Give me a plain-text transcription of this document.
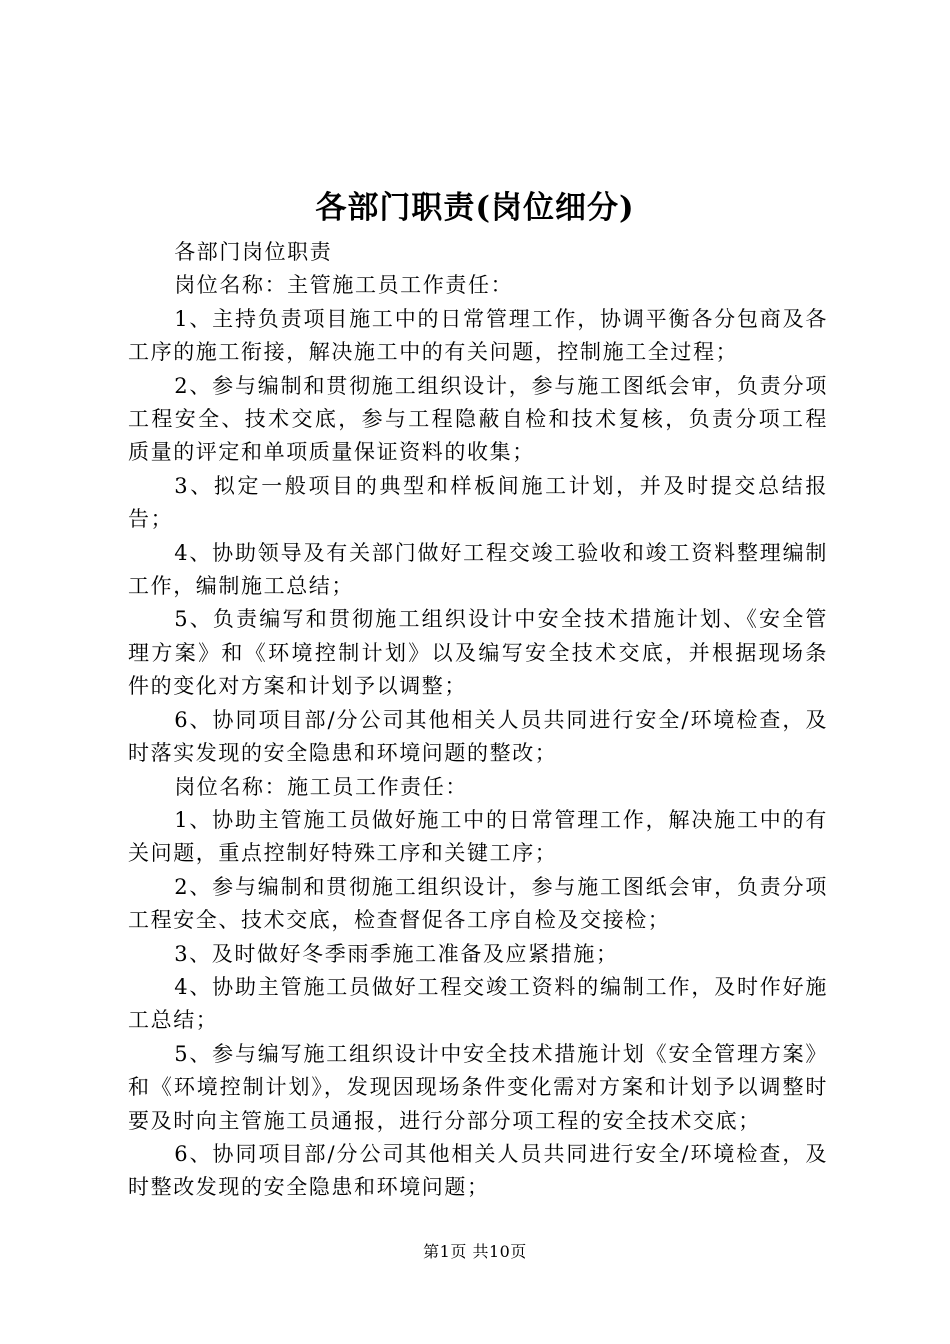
各部门职责(岗位细分)

各部门岗位职责

岗位名称：主管施工员工作责任：

1、主持负责项目施工中的日常管理工作，协调平衡各分包商及各工序的施工衔接，解决施工中的有关问题，控制施工全过程；

2、参与编制和贯彻施工组织设计，参与施工图纸会审，负责分项工程安全、技术交底，参与工程隐蔽自检和技术复核，负责分项工程质量的评定和单项质量保证资料的收集；

3、拟定一般项目的典型和样板间施工计划，并及时提交总结报告；

4、协助领导及有关部门做好工程交竣工验收和竣工资料整理编制工作，编制施工总结；

5、负责编写和贯彻施工组织设计中安全技术措施计划、《安全管理方案》和《环境控制计划》以及编写安全技术交底，并根据现场条件的变化对方案和计划予以调整；

6、协同项目部/分公司其他相关人员共同进行安全/环境检查，及时落实发现的安全隐患和环境问题的整改；

岗位名称：施工员工作责任：

1、协助主管施工员做好施工中的日常管理工作，解决施工中的有关问题，重点控制好特殊工序和关键工序；

2、参与编制和贯彻施工组织设计，参与施工图纸会审，负责分项工程安全、技术交底，检查督促各工序自检及交接检；

3、及时做好冬季雨季施工准备及应紧措施；

4、协助主管施工员做好工程交竣工资料的编制工作，及时作好施工总结；

5、参与编写施工组织设计中安全技术措施计划《安全管理方案》和《环境控制计划》，发现因现场条件变化需对方案和计划予以调整时要及时向主管施工员通报，进行分部分项工程的安全技术交底；

6、协同项目部/分公司其他相关人员共同进行安全/环境检查，及时整改发现的安全隐患和环境问题；

第1页 共10页
